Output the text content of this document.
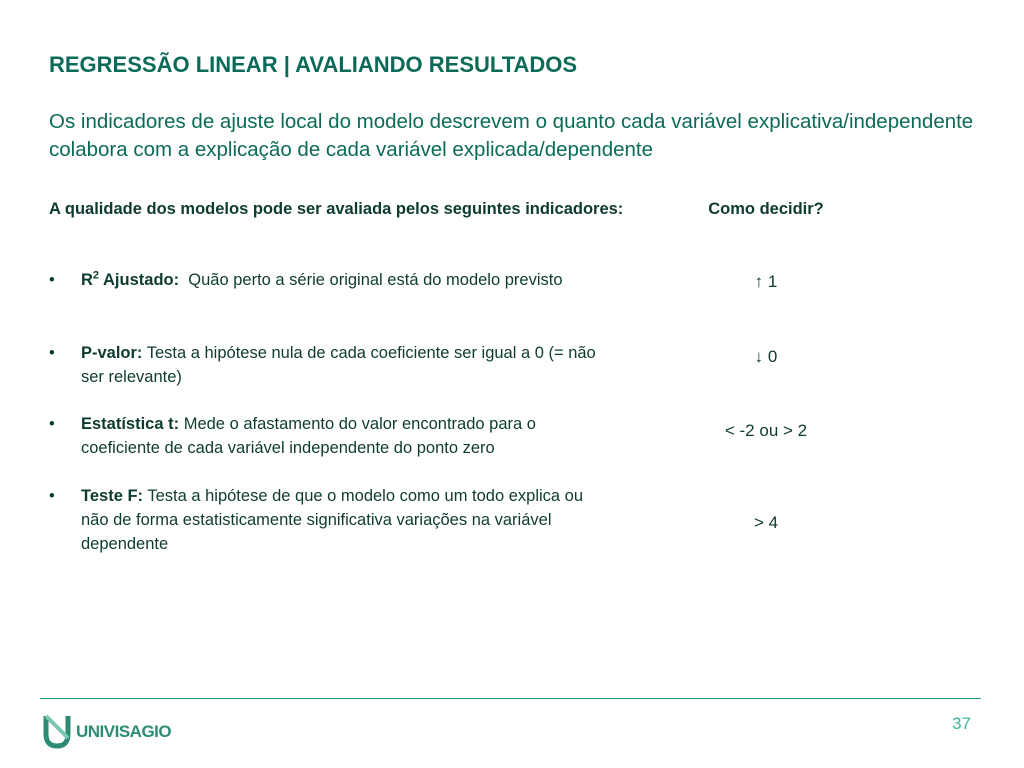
REGRESSÃO LINEAR | AVALIANDO RESULTADOS

Os indicadores de ajuste local do modelo descrevem o quanto cada variável explicativa/independente colabora com a explicação de cada variável explicada/dependente

A qualidade dos modelos pode ser avaliada pelos seguintes indicadores:

• $R^2$ Ajustado:  Quão perto a série original está do modelo previsto
• P-valor: Testa a hipótese nula de cada coeficiente ser igual a 0 (= não ser relevante)
• Estatística t: Mede o afastamento do valor encontrado para o coeficiente de cada variável independente do ponto zero
• Teste F: Testa a hipótese de que o modelo como um todo explica ou não de forma estatisticamente significativa variações na variável dependente

Como decidir?

↑ 1
↓ 0
< -2 ou > 2
> 4
UNIVISAGIO	37
